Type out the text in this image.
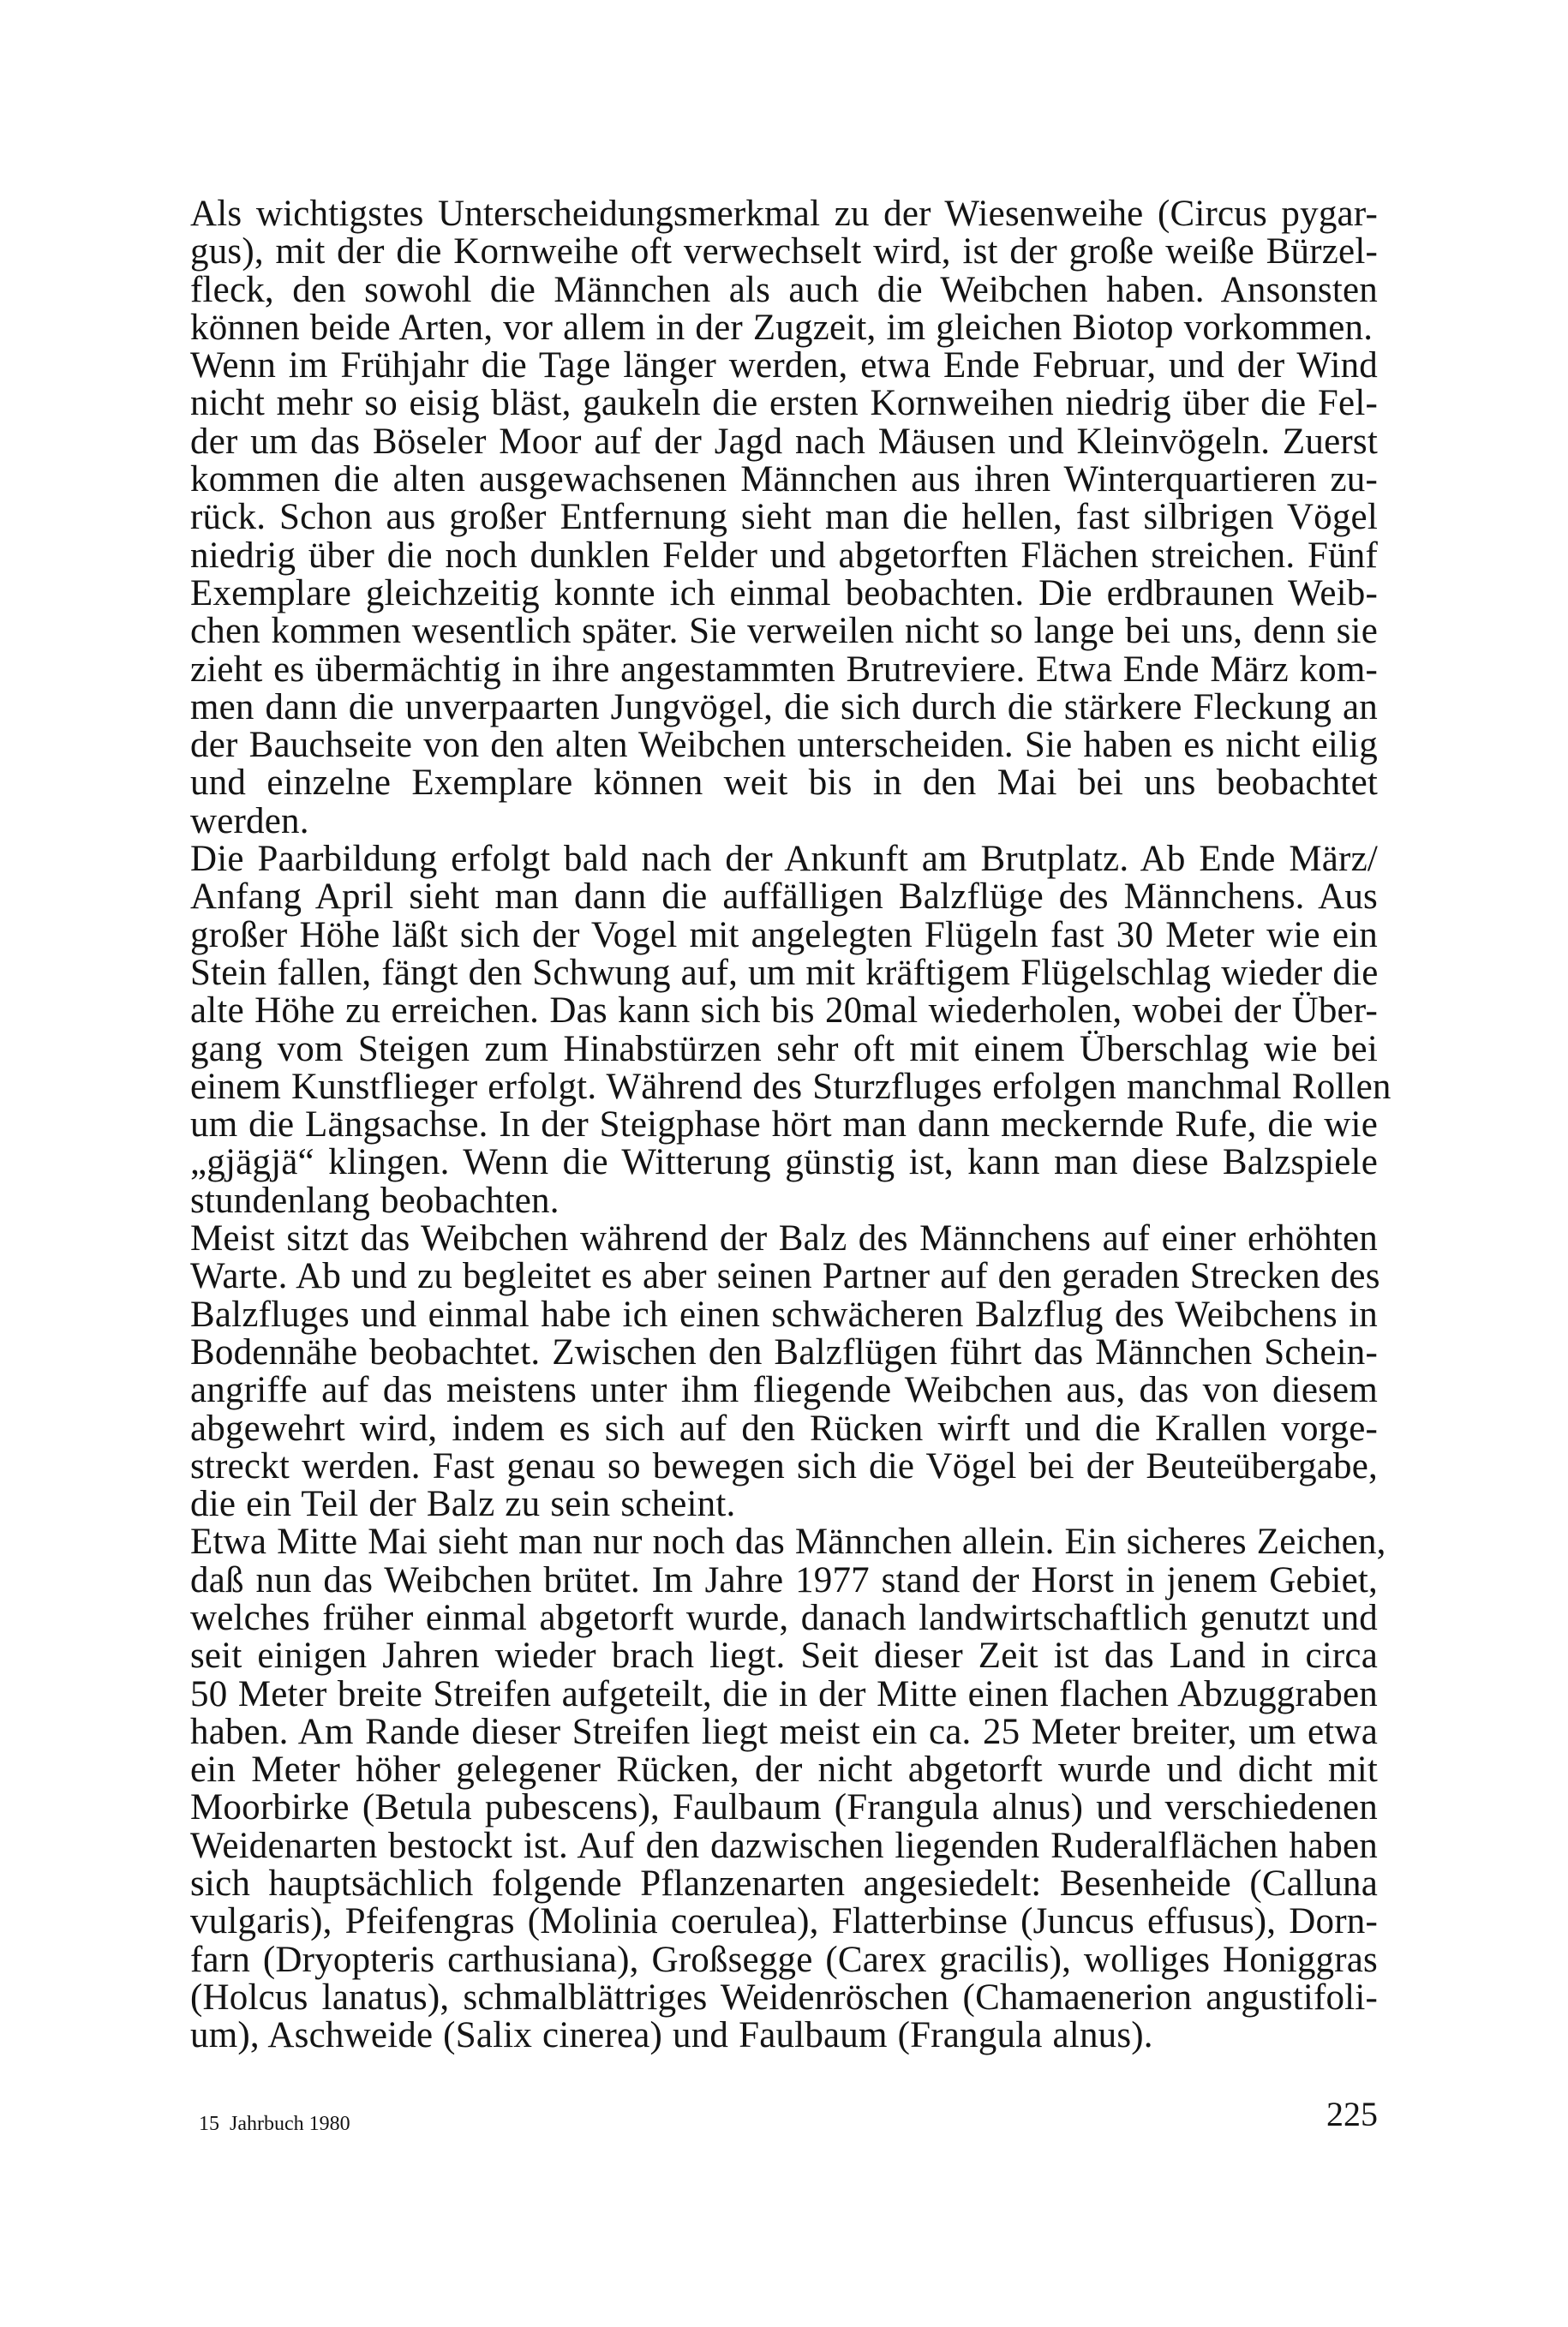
Als wichtigstes Unterscheidungsmerkmal zu der Wiesenweihe (Circus pygar-
gus), mit der die Kornweihe oft verwechselt wird, ist der große weiße Bürzel-
fleck, den sowohl die Männchen als auch die Weibchen haben. Ansonsten
können beide Arten, vor allem in der Zugzeit, im gleichen Biotop vorkommen.
Wenn im Frühjahr die Tage länger werden, etwa Ende Februar, und der Wind
nicht mehr so eisig bläst, gaukeln die ersten Kornweihen niedrig über die Fel-
der um das Böseler Moor auf der Jagd nach Mäusen und Kleinvögeln. Zuerst
kommen die alten ausgewachsenen Männchen aus ihren Winterquartieren zu-
rück. Schon aus großer Entfernung sieht man die hellen, fast silbrigen Vögel
niedrig über die noch dunklen Felder und abgetorften Flächen streichen. Fünf
Exemplare gleichzeitig konnte ich einmal beobachten. Die erdbraunen Weib-
chen kommen wesentlich später. Sie verweilen nicht so lange bei uns, denn sie
zieht es übermächtig in ihre angestammten Brutreviere. Etwa Ende März kom-
men dann die unverpaarten Jungvögel, die sich durch die stärkere Fleckung an
der Bauchseite von den alten Weibchen unterscheiden. Sie haben es nicht eilig
und einzelne Exemplare können weit bis in den Mai bei uns beobachtet
werden.
Die Paarbildung erfolgt bald nach der Ankunft am Brutplatz. Ab Ende März/
Anfang April sieht man dann die auffälligen Balzflüge des Männchens. Aus
großer Höhe läßt sich der Vogel mit angelegten Flügeln fast 30 Meter wie ein
Stein fallen, fängt den Schwung auf, um mit kräftigem Flügelschlag wieder die
alte Höhe zu erreichen. Das kann sich bis 20mal wiederholen, wobei der Über-
gang vom Steigen zum Hinabstürzen sehr oft mit einem Überschlag wie bei
einem Kunstflieger erfolgt. Während des Sturzfluges erfolgen manchmal Rollen
um die Längsachse. In der Steigphase hört man dann meckernde Rufe, die wie
„gjägjä“ klingen. Wenn die Witterung günstig ist, kann man diese Balzspiele
stundenlang beobachten.
Meist sitzt das Weibchen während der Balz des Männchens auf einer erhöhten
Warte. Ab und zu begleitet es aber seinen Partner auf den geraden Strecken des
Balzfluges und einmal habe ich einen schwächeren Balzflug des Weibchens in
Bodennähe beobachtet. Zwischen den Balzflügen führt das Männchen Schein-
angriffe auf das meistens unter ihm fliegende Weibchen aus, das von diesem
abgewehrt wird, indem es sich auf den Rücken wirft und die Krallen vorge-
streckt werden. Fast genau so bewegen sich die Vögel bei der Beuteübergabe,
die ein Teil der Balz zu sein scheint.
Etwa Mitte Mai sieht man nur noch das Männchen allein. Ein sicheres Zeichen,
daß nun das Weibchen brütet. Im Jahre 1977 stand der Horst in jenem Gebiet,
welches früher einmal abgetorft wurde, danach landwirtschaftlich genutzt und
seit einigen Jahren wieder brach liegt. Seit dieser Zeit ist das Land in circa
50 Meter breite Streifen aufgeteilt, die in der Mitte einen flachen Abzuggraben
haben. Am Rande dieser Streifen liegt meist ein ca. 25 Meter breiter, um etwa
ein Meter höher gelegener Rücken, der nicht abgetorft wurde und dicht mit
Moorbirke (Betula pubescens), Faulbaum (Frangula alnus) und verschiedenen
Weidenarten bestockt ist. Auf den dazwischen liegenden Ruderalflächen haben
sich hauptsächlich folgende Pflanzenarten angesiedelt: Besenheide (Calluna
vulgaris), Pfeifengras (Molinia coerulea), Flatterbinse (Juncus effusus), Dorn-
farn (Dryopteris carthusiana), Großsegge (Carex gracilis), wolliges Honiggras
(Holcus lanatus), schmalblättriges Weidenröschen (Chamaenerion angustifoli-
um), Aschweide (Salix cinerea) und Faulbaum (Frangula alnus).
15  Jahrbuch 1980	225
